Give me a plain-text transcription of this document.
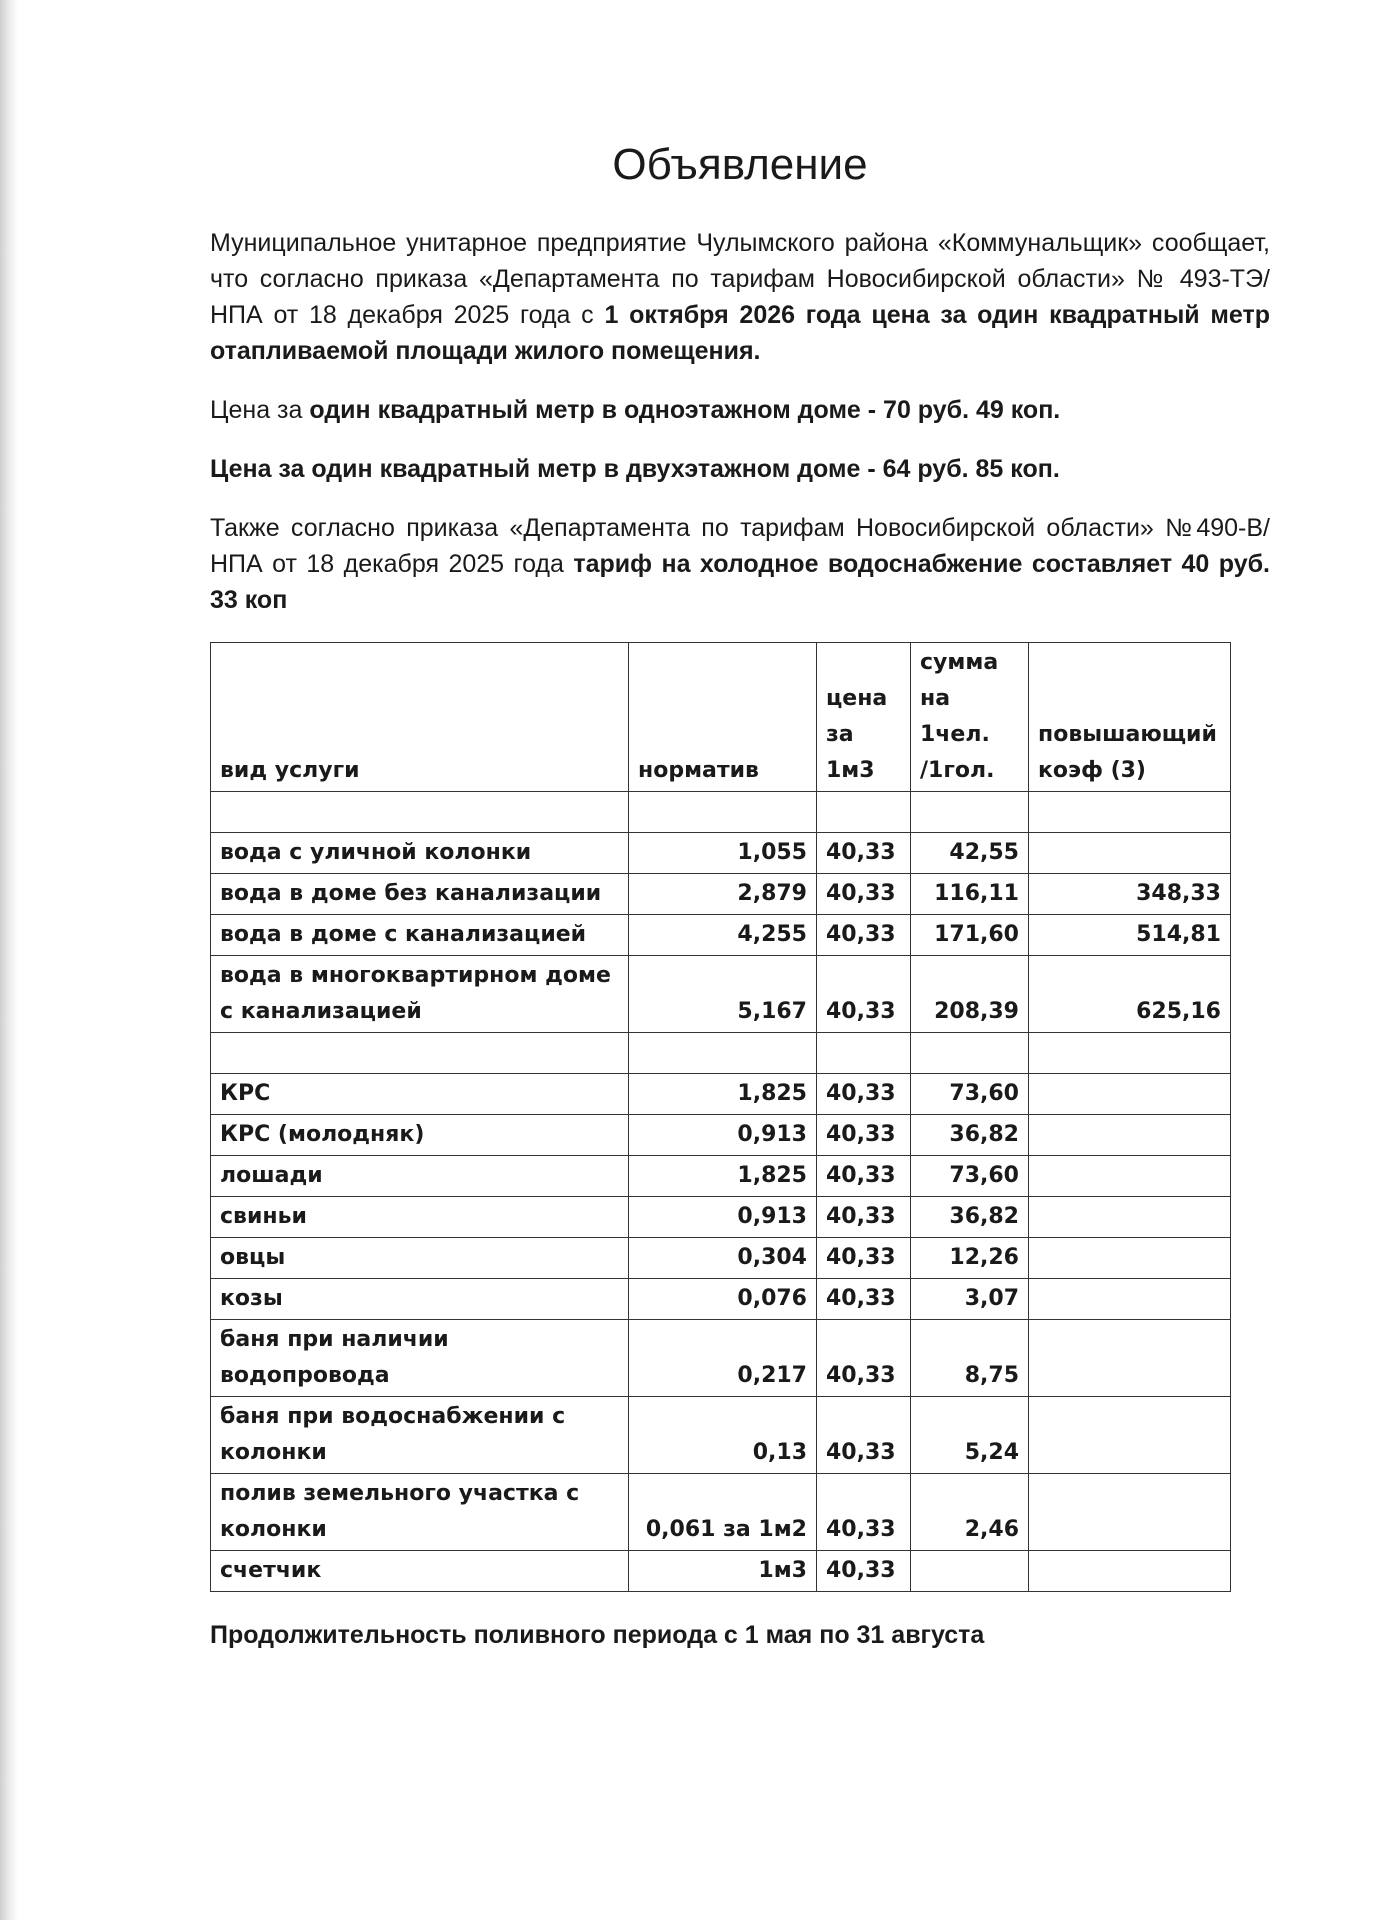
Объявление

Муниципальное унитарное предприятие Чулымского района «Коммунальщик» сообщает, что согласно приказа «Департамента по тарифам Новосибирской области» № 493-ТЭ/НПА от 18 декабря 2025 года с 1 октября 2026 года цена за один квадратный метр отапливаемой площади жилого помещения.

Цена за один квадратный метр в одноэтажном доме - 70 руб. 49 коп.

Цена за один квадратный метр в двухэтажном доме - 64 руб. 85 коп.

Также согласно приказа «Департамента по тарифам Новосибирской области» №490-В/НПА от 18 декабря 2025 года тариф на холодное водоснабжение составляет 40 руб. 33 коп

вид услуги	норматив	цена за 1м3	сумма на 1чел. /1гол.	повышающий коэф (3)

вода с уличной колонки	1,055	40,33	42,55	
вода в доме без канализации	2,879	40,33	116,11	348,33
вода в доме с канализацией	4,255	40,33	171,60	514,81
вода в многоквартирном доме с канализацией	5,167	40,33	208,39	625,16

КРС	1,825	40,33	73,60	
КРС (молодняк)	0,913	40,33	36,82	
лошади	1,825	40,33	73,60	
свиньи	0,913	40,33	36,82	
овцы	0,304	40,33	12,26	
козы	0,076	40,33	3,07	
баня при наличии водопровода	0,217	40,33	8,75	
баня при водоснабжении с колонки	0,13	40,33	5,24	
полив земельного участка с колонки	0,061 за 1м2	40,33	2,46	
счетчик	1м3	40,33		

Продолжительность поливного периода с 1 мая по 31 августа
